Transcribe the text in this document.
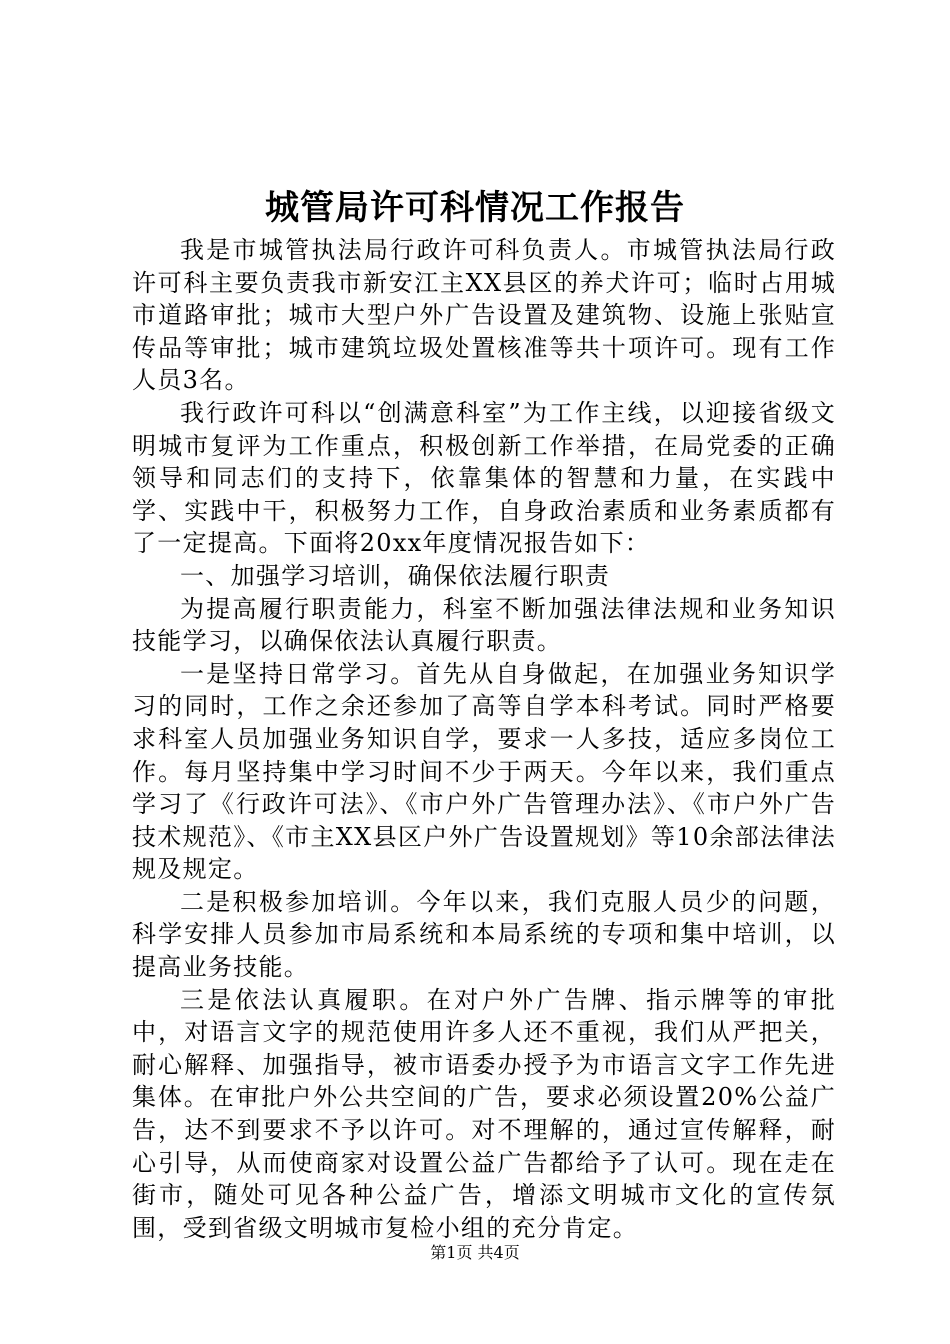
城管局许可科情况工作报告

我是市城管执法局行政许可科负责人。市城管执法局行政许可科主要负责我市新安江主XX县区的养犬许可；临时占用城市道路审批；城市大型户外广告设置及建筑物、设施上张贴宣传品等审批；城市建筑垃圾处置核准等共十项许可。现有工作人员3名。

我行政许可科以“创满意科室”为工作主线，以迎接省级文明城市复评为工作重点，积极创新工作举措，在局党委的正确领导和同志们的支持下，依靠集体的智慧和力量，在实践中学、实践中干，积极努力工作，自身政治素质和业务素质都有了一定提高。下面将20xx年度情况报告如下：

一、加强学习培训，确保依法履行职责

为提高履行职责能力，科室不断加强法律法规和业务知识技能学习，以确保依法认真履行职责。

一是坚持日常学习。首先从自身做起，在加强业务知识学习的同时，工作之余还参加了高等自学本科考试。同时严格要求科室人员加强业务知识自学，要求一人多技，适应多岗位工作。每月坚持集中学习时间不少于两天。今年以来，我们重点学习了《行政许可法》、《市户外广告管理办法》、《市户外广告技术规范》、《市主XX县区户外广告设置规划》等10余部法律法规及规定。

二是积极参加培训。今年以来，我们克服人员少的问题，科学安排人员参加市局系统和本局系统的专项和集中培训，以提高业务技能。

三是依法认真履职。在对户外广告牌、指示牌等的审批中，对语言文字的规范使用许多人还不重视，我们从严把关，耐心解释、加强指导，被市语委办授予为市语言文字工作先进集体。在审批户外公共空间的广告，要求必须设置20%公益广告，达不到要求不予以许可。对不理解的，通过宣传解释，耐心引导，从而使商家对设置公益广告都给予了认可。现在走在街市，随处可见各种公益广告，增添文明城市文化的宣传氛围，受到省级文明城市复检小组的充分肯定。

第1页 共4页
